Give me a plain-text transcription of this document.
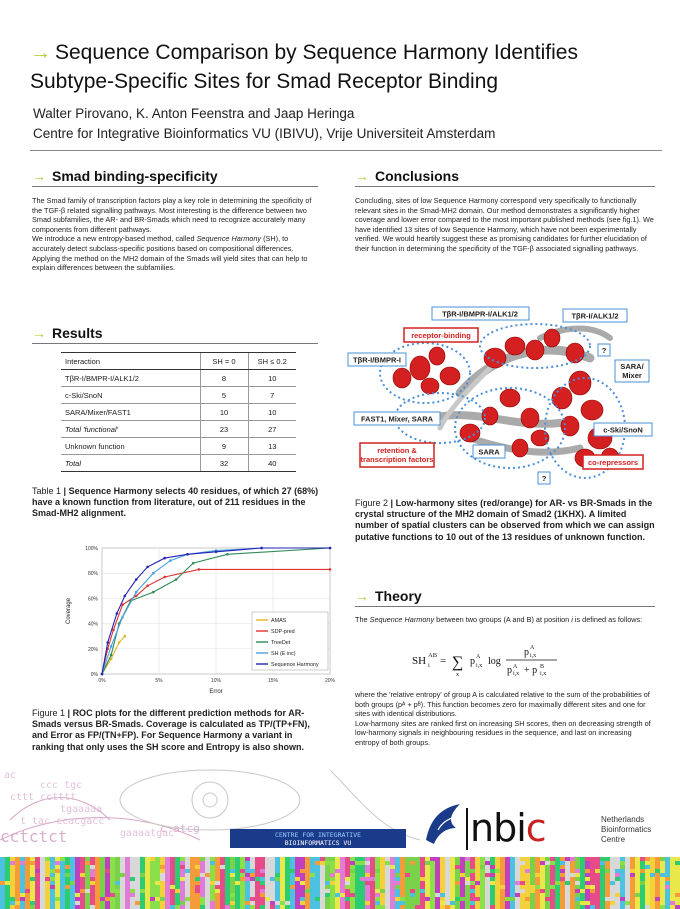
→ Sequence Comparison by Sequence Harmony Identifies
Subtype-Specific Sites for Smad Receptor Binding
Walter Pirovano, K. Anton Feenstra and Jaap Heringa
Centre for Integrative Bioinformatics VU (IBIVU), Vrije Universiteit Amsterdam
→ Smad binding-specificity

The Smad family of transcription factors play a key role in determining the specificity of the TGF-β related signalling pathways. Most interesting is the difference between two Smad subfamilies, the AR- and BR-Smads which need to recognize accurately many components from different pathways.

We introduce a new entropy-based method, called Sequence Harmony (SH), to accurately detect subclass-specific positions based on compositional differences. Applying the method on the MH2 domain of the Smads will yield sites that can help to explain differences between the subfamilies.

→ Results
Interaction	SH = 0	SH ≤ 0.2
TβR-I/BMPR-I/ALK1/2	8	10
c-Ski/SnoN	5	7
SARA/Mixer/FAST1	10	10
Total 'functional'	23	27
Unknown function	9	13
Total	32	40
Table 1 | Sequence Harmony selects 40 residues, of which 27 (68%) have a known function from literature, out of 211 residues in the Smad-MH2 alignment.
0%
20%
40%
60%
80%
100%
0%	5%	10%	15%	20%
Error
Coverage	AMAS
SDP-pred
TreeDet
SH (E inc)
Sequence Harmony
Figure 1 | ROC plots for the different prediction methods for AR-Smads versus BR-Smads. Coverage is calculated as TP/(TP+FN), and Error as FP/(TN+FP). For Sequence Harmony a variant in ranking that only uses the SH score and Entropy is also shown.
→ Conclusions
Concluding, sites of low Sequence Harmony correspond very specifically to functionally relevant sites in the Smad-MH2 domain. Our method demonstrates a significantly higher coverage and lower error compared to the most important published methods (see fig.1). We have identified 13 sites of low Sequence Harmony, which have not been experimentally verified. We would heartily suggest these as promising candidates for further elucidation of their function in determining the specificity of the TGF-β associated signalling pathways.
TβR-I/BMPR-I/ALK1/2	TβR-I/ALK1/2
receptor-binding
TβR-I/BMPR-I
?
SARA/
Mixer
FAST1, Mixer, SARA
retention &
transcription factors
SARA
c-Ski/SnoN
co-repressors
?
Figure 2 | Low-harmony sites (red/orange) for AR- vs BR-Smads in the crystal structure of the MH2 domain of Smad2 (1KHX). A limited number of spatial clusters can be observed from which we can assign putative functions to 10 out of the 13 residues of unknown function.
→ Theory
The Sequence Harmony between two groups (A and B) at position i is defined as follows:
SH i
AB = ∑
x
p i,x
A log
p i,x
A
p i,x
A + p i,x
B

where the 'relative entropy' of group A is calculated relative to the sum of the probabilities of both groups (pᴬ + pᴮ). This function becomes zero for maximally different sites and one for sites with identical distributions.

Low-harmony sites are ranked first on increasing SH scores, then on decreasing strength of low-harmony signals in neighbouring residues in the sequence, and last on increasing entropy of both groups.

ac
ccc tgc
cttt cctttt
tgaaaaa
t tac ccacgacc
gaaaatgac
cctctct	c atcg	CENTRE FOR INTEGRATIVE
BIOINFORMATICS VU	nbic	Netherlands
Bioinformatics
Centre
